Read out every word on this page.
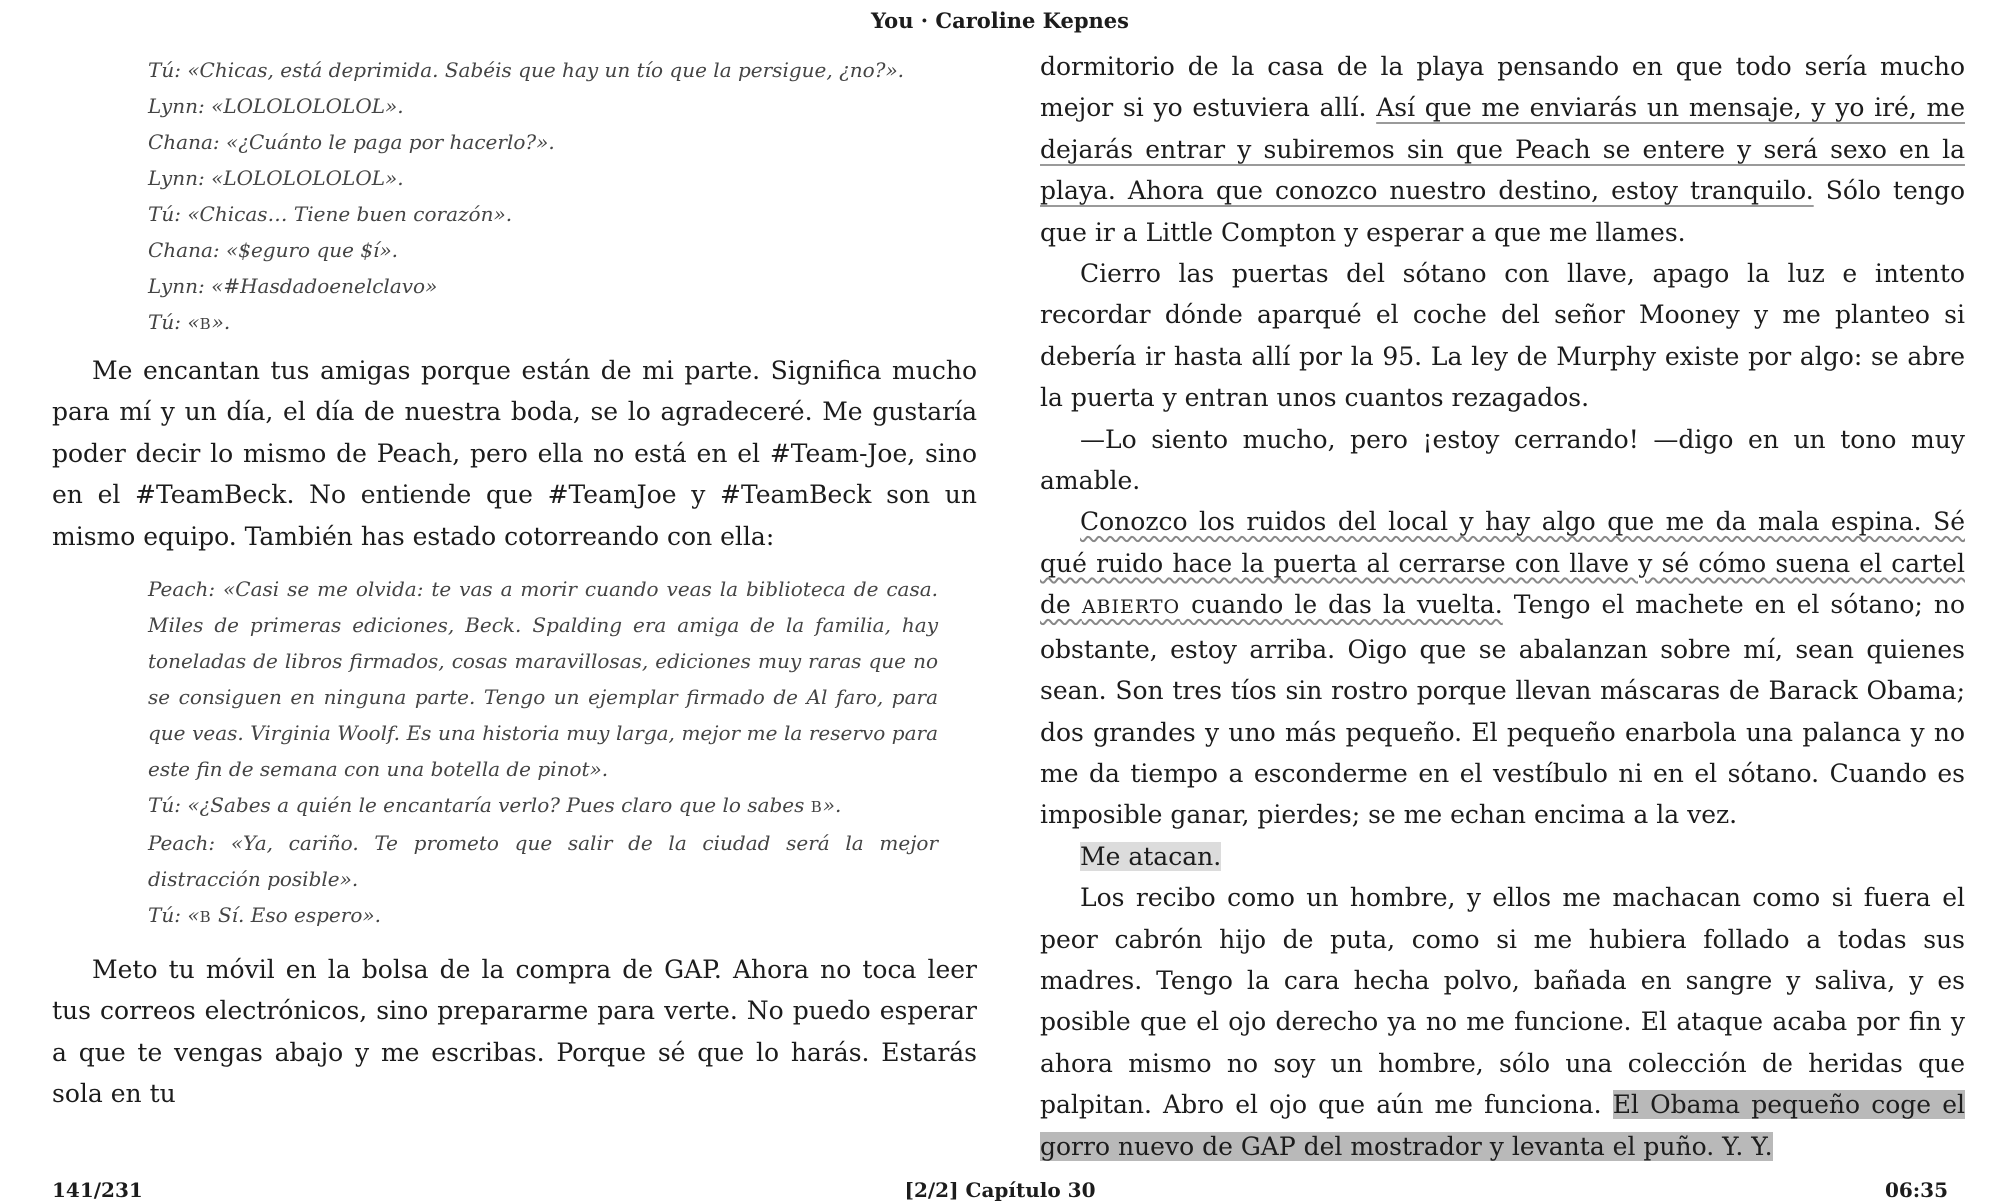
You · Caroline Kepnes

Tú: «Chicas, está deprimida. Sabéis que hay un tío que la persigue, ¿no?».

Lynn: «LOLOLOLOLOL».

Chana: «¿Cuánto le paga por hacerlo?».

Lynn: «LOLOLOLOLOL».

Tú: «Chicas… Tiene buen corazón».

Chana: «$eguro que $í».

Lynn: «#Hasdadoenelclavo»

Tú: «B».

Me encantan tus amigas porque están de mi parte. Significa mucho para mí y un día, el día de nuestra boda, se lo agradeceré. Me gustaría poder decir lo mismo de Peach, pero ella no está en el #Team-Joe, sino en el #TeamBeck. No entiende que #TeamJoe y #TeamBeck son un mismo equipo. También has estado cotorreando con ella:

Peach: «Casi se me olvida: te vas a morir cuando veas la biblioteca de casa. Miles de primeras ediciones, Beck. Spalding era amiga de la familia, hay toneladas de libros firmados, cosas maravillosas, ediciones muy raras que no se consiguen en ninguna parte. Tengo un ejemplar firmado de Al faro, para que veas. Virginia Woolf. Es una historia muy larga, mejor me la reservo para este fin de semana con una botella de pinot».

Tú: «¿Sabes a quién le encantaría verlo? Pues claro que lo sabes B».

Peach: «Ya, cariño. Te prometo que salir de la ciudad será la mejor distracción posible».

Tú: «B Sí. Eso espero».

Meto tu móvil en la bolsa de la compra de GAP. Ahora no toca leer tus correos electrónicos, sino prepararme para verte. No puedo esperar a que te vengas abajo y me escribas. Porque sé que lo harás. Estarás sola en tu

dormitorio de la casa de la playa pensando en que todo sería mucho mejor si yo estuviera allí. Así que me enviarás un mensaje, y yo iré, me dejarás entrar y subiremos sin que Peach se entere y será sexo en la playa. Ahora que conozco nuestro destino, estoy tranquilo. Sólo tengo que ir a Little Compton y esperar a que me llames.

Cierro las puertas del sótano con llave, apago la luz e intento recordar dónde aparqué el coche del señor Mooney y me planteo si debería ir hasta allí por la 95. La ley de Murphy existe por algo: se abre la puerta y entran unos cuantos rezagados.

—Lo siento mucho, pero ¡estoy cerrando! —digo en un tono muy amable.

Conozco los ruidos del local y hay algo que me da mala espina. Sé qué ruido hace la puerta al cerrarse con llave y sé cómo suena el cartel de ABIERTO cuando le das la vuelta. Tengo el machete en el sótano; no obstante, estoy arriba. Oigo que se abalanzan sobre mí, sean quienes sean. Son tres tíos sin rostro porque llevan máscaras de Barack Obama; dos grandes y uno más pequeño. El pequeño enarbola una palanca y no me da tiempo a esconderme en el vestíbulo ni en el sótano. Cuando es imposible ganar, pierdes; se me echan encima a la vez.

Me atacan.

Los recibo como un hombre, y ellos me machacan como si fuera el peor cabrón hijo de puta, como si me hubiera follado a todas sus madres. Tengo la cara hecha polvo, bañada en sangre y saliva, y es posible que el ojo derecho ya no me funcione. El ataque acaba por fin y ahora mismo no soy un hombre, sólo una colección de heridas que palpitan. Abro el ojo que aún me funciona. El Obama pequeño coge el gorro nuevo de GAP del mostrador y levanta el puño. Y. Y.

141/231	[2/2] Capítulo 30	06:35
